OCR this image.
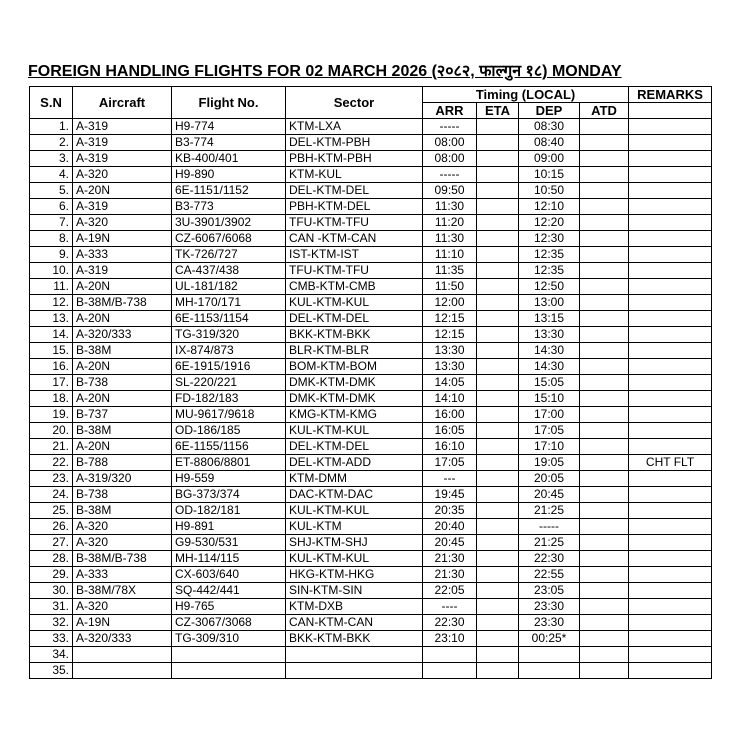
FOREIGN HANDLING FLIGHTS FOR 02 MARCH 2026 (२०८२, फाल्गुन १८) MONDAY
S.N	Aircraft	Flight No.	Sector	Timing (LOCAL)				REMARKS
				ARR	ETA	DEP	ATD	
1.	A-319	H9-774	KTM-LXA	-----		08:30		
2.	A-319	B3-774	DEL-KTM-PBH	08:00		08:40		
3.	A-319	KB-400/401	PBH-KTM-PBH	08:00		09:00		
4.	A-320	H9-890	KTM-KUL	-----		10:15		
5.	A-20N	6E-1151/1152	DEL-KTM-DEL	09:50		10:50		
6.	A-319	B3-773	PBH-KTM-DEL	11:30		12:10		
7.	A-320	3U-3901/3902	TFU-KTM-TFU	11:20		12:20		
8.	A-19N	CZ-6067/6068	CAN -KTM-CAN	11:30		12:30		
9.	A-333	TK-726/727	IST-KTM-IST	11:10		12:35		
10.	A-319	CA-437/438	TFU-KTM-TFU	11:35		12:35		
11.	A-20N	UL-181/182	CMB-KTM-CMB	11:50		12:50		
12.	B-38M/B-738	MH-170/171	KUL-KTM-KUL	12:00		13:00		
13.	A-20N	6E-1153/1154	DEL-KTM-DEL	12:15		13:15		
14.	A-320/333	TG-319/320	BKK-KTM-BKK	12:15		13:30		
15.	B-38M	IX-874/873	BLR-KTM-BLR	13:30		14:30		
16.	A-20N	6E-1915/1916	BOM-KTM-BOM	13:30		14:30		
17.	B-738	SL-220/221	DMK-KTM-DMK	14:05		15:05		
18.	A-20N	FD-182/183	DMK-KTM-DMK	14:10		15:10		
19.	B-737	MU-9617/9618	KMG-KTM-KMG	16:00		17:00		
20.	B-38M	OD-186/185	KUL-KTM-KUL	16:05		17:05		
21.	A-20N	6E-1155/1156	DEL-KTM-DEL	16:10		17:10		
22.	B-788	ET-8806/8801	DEL-KTM-ADD	17:05		19:05		CHT FLT
23.	A-319/320	H9-559	KTM-DMM	---		20:05		
24.	B-738	BG-373/374	DAC-KTM-DAC	19:45		20:45		
25.	B-38M	OD-182/181	KUL-KTM-KUL	20:35		21:25		
26.	A-320	H9-891	KUL-KTM	20:40		-----		
27.	A-320	G9-530/531	SHJ-KTM-SHJ	20:45		21:25		
28.	B-38M/B-738	MH-114/115	KUL-KTM-KUL	21:30		22:30		
29.	A-333	CX-603/640	HKG-KTM-HKG	21:30		22:55		
30.	B-38M/78X	SQ-442/441	SIN-KTM-SIN	22:05		23:05		
31.	A-320	H9-765	KTM-DXB	----		23:30		
32.	A-19N	CZ-3067/3068	CAN-KTM-CAN	22:30		23:30		
33.	A-320/333	TG-309/310	BKK-KTM-BKK	23:10		00:25*		
34.								
35.								
